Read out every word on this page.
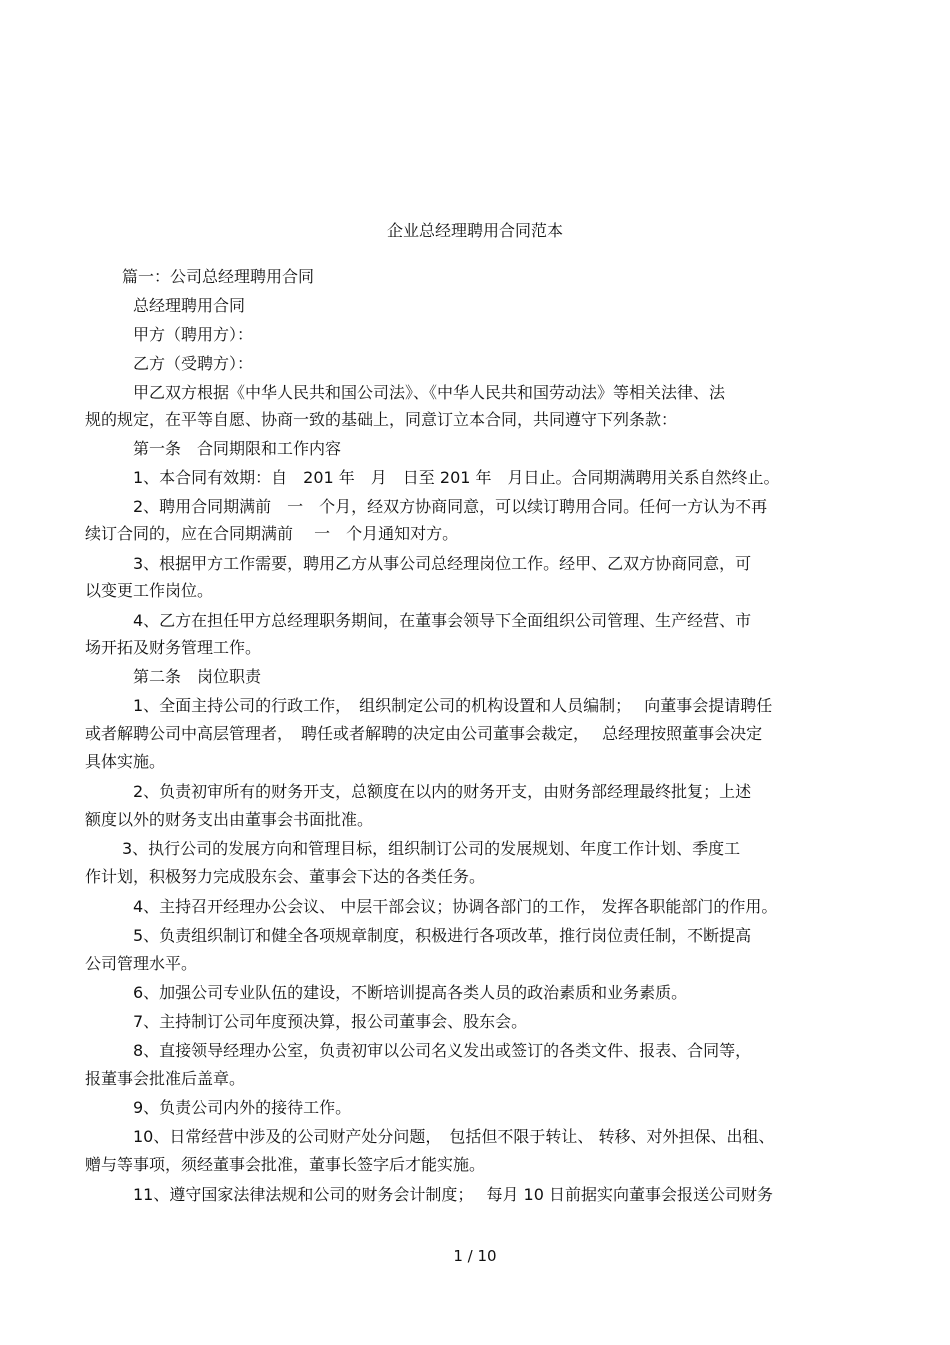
企业总经理聘用合同范本
篇一：公司总经理聘用合同
总经理聘用合同
甲方（聘用方）：
乙方（受聘方）：
甲乙双方根据《中华人民共和国公司法》、《中华人民共和国劳动法》等相关法律、法
规的规定，在平等自愿、协商一致的基础上，同意订立本合同，共同遵守下列条款：
第一条　合同期限和工作内容
1、本合同有效期：自　201 年　月　日至 201 年　月日止。合同期满聘用关系自然终止。
2、聘用合同期满前　一　个月，经双方协商同意，可以续订聘用合同。任何一方认为不再
续订合同的，应在合同期满前　 一　个月通知对方。
3、根据甲方工作需要，聘用乙方从事公司总经理岗位工作。经甲、乙双方协商同意，可
以变更工作岗位。
4、乙方在担任甲方总经理职务期间，在董事会领导下全面组织公司管理、生产经营、市
场开拓及财务管理工作。
第二条　岗位职责
1、全面主持公司的行政工作，　组织制定公司的机构设置和人员编制；　 向董事会提请聘任
或者解聘公司中高层管理者，　聘任或者解聘的决定由公司董事会裁定，　 总经理按照董事会决定
具体实施。
2、负责初审所有的财务开支，总额度在以内的财务开支，由财务部经理最终批复；上述
额度以外的财务支出由董事会书面批准。
3、执行公司的发展方向和管理目标，组织制订公司的发展规划、年度工作计划、季度工
作计划，积极努力完成股东会、董事会下达的各类任务。
4、主持召开经理办公会议、 中层干部会议；协调各部门的工作， 发挥各职能部门的作用。
5、负责组织制订和健全各项规章制度，积极进行各项改革，推行岗位责任制，不断提高
公司管理水平。
6、加强公司专业队伍的建设，不断培训提高各类人员的政治素质和业务素质。
7、主持制订公司年度预决算，报公司董事会、股东会。
8、直接领导经理办公室，负责初审以公司名义发出或签订的各类文件、报表、合同等，
报董事会批准后盖章。
9、负责公司内外的接待工作。
10、日常经营中涉及的公司财产处分问题，　包括但不限于转让、 转移、对外担保、出租、
赠与等事项，须经董事会批准，董事长签字后才能实施。
11、遵守国家法律法规和公司的财务会计制度；　 每月 10 日前据实向董事会报送公司财务
1 / 10
